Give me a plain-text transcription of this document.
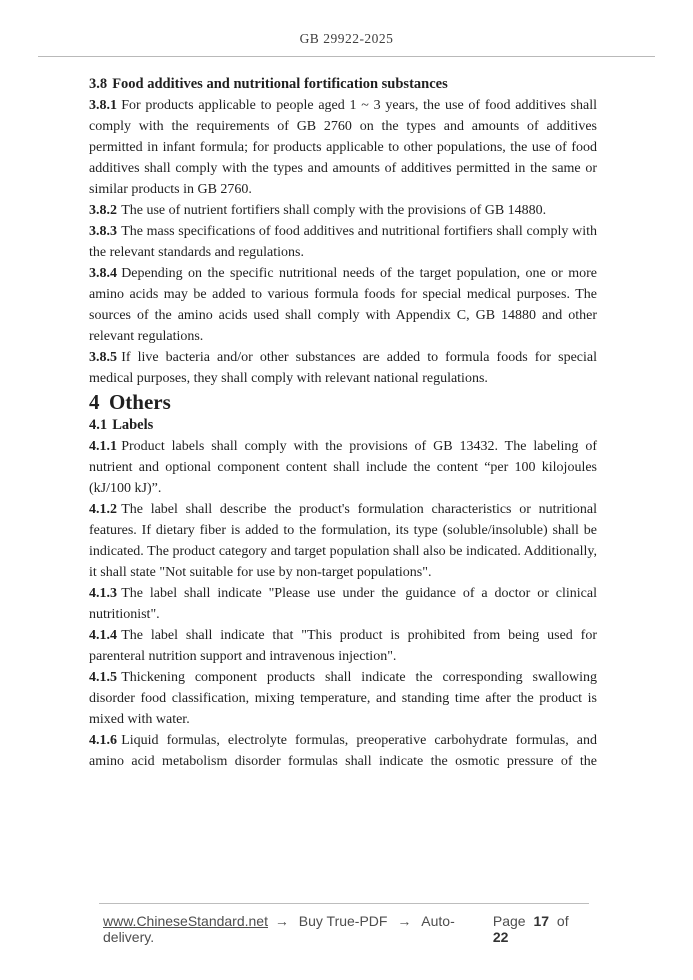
GB 29922-2025
3.8 Food additives and nutritional fortification substances

3.8.1 For products applicable to people aged 1 ~ 3 years, the use of food additives shall comply with the requirements of GB 2760 on the types and amounts of additives permitted in infant formula; for products applicable to other populations, the use of food additives shall comply with the types and amounts of additives permitted in the same or similar products in GB 2760.

3.8.2 The use of nutrient fortifiers shall comply with the provisions of GB 14880.

3.8.3 The mass specifications of food additives and nutritional fortifiers shall comply with the relevant standards and regulations.

3.8.4 Depending on the specific nutritional needs of the target population, one or more amino acids may be added to various formula foods for special medical purposes. The sources of the amino acids used shall comply with Appendix C, GB 14880 and other relevant regulations.

3.8.5 If live bacteria and/or other substances are added to formula foods for special medical purposes, they shall comply with relevant national regulations.

4 Others
4.1 Labels

4.1.1 Product labels shall comply with the provisions of GB 13432. The labeling of nutrient and optional component content shall include the content “per 100 kilojoules (kJ/100 kJ)”.

4.1.2 The label shall describe the product's formulation characteristics or nutritional features. If dietary fiber is added to the formulation, its type (soluble/insoluble) shall be indicated. The product category and target population shall also be indicated. Additionally, it shall state "Not suitable for use by non-target populations".

4.1.3 The label shall indicate "Please use under the guidance of a doctor or clinical nutritionist".

4.1.4 The label shall indicate that "This product is prohibited from being used for parenteral nutrition support and intravenous injection".

4.1.5 Thickening component products shall indicate the corresponding swallowing disorder food classification, mixing temperature, and standing time after the product is mixed with water.

4.1.6 Liquid formulas, electrolyte formulas, preoperative carbohydrate formulas, and amino acid metabolism disorder formulas shall indicate the osmotic pressure of the

www.ChineseStandard.net → Buy True-PDF → Auto-delivery.
Page 17 of 22
